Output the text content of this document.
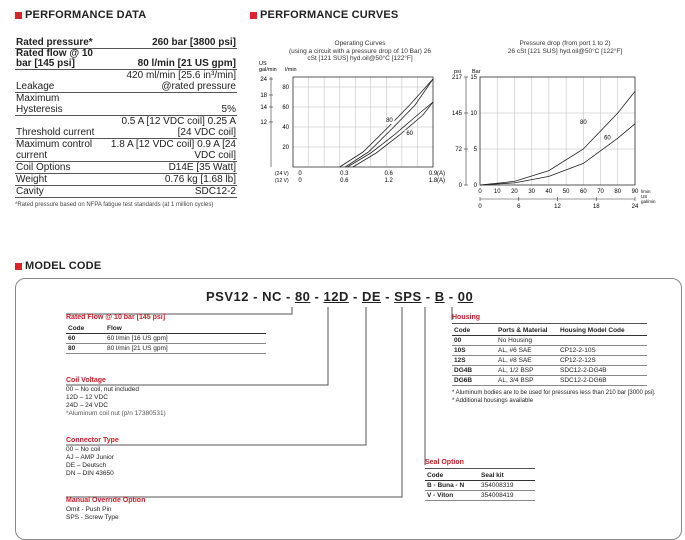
PERFORMANCE DATA
Rated pressure*	260 bar [3800 psi]
Rated flow @ 10 bar [145 psi]	80 l/min [21 US gpm]
Leakage	420 ml/min [25.6 in³/min] @rated pressure
Maximum Hysteresis	5%
Threshold current	0.5 A [12 VDC coil] 0.25 A [24 VDC coil]
Maximum control current	1.8 A [12 VDC coil] 0.9 A [24 VDC coil]
Coil Options	D14E [35 Watt]
Weight	0.76 kg [1.68 lb]
Cavity	SDC12-2
*Rated pressure based on NFPA fatigue test standards (at 1 million cycles)
PERFORMANCE CURVES
Operating Curves
(using a circuit with a pressure drop of 10 Bar) 26 cSt [121 SUS] hyd.oil@50°C [122°F]
20
40
60
80
24
18
14
12
US
gal/min l/min
0	0.3	0.6	0.9
0	0.6	1.2	1.8
(24 V)
(12 V)
(A)
(A)
80
60
Pressure drop (from port 1 to 2)
26 cSt [121 SUS] hyd.oil@50°C [122°F]
0 10 20 30 40 50 60 70 80 90
0
5
10
15
0
72
145
217
psi Bar
0	6	12	18	24
l/min
US
gal/min
80
60
MODEL CODE
PSV12 - NC - 80 - 12D - DE - SPS - B - 00
Rated Flow @ 10 bar [145 psi]
Code	Flow
60	60 l/min [16 US gpm]
80	80 l/min [21 US gpm]
Coil Voltage
00 – No coil, nut included
12D – 12 VDC
24D – 24 VDC
*Aluminum coil nut (p/n 17380531)
Connector Type
00 – No coil
AJ – AMP Junior
DE – Deutsch
DN – DIN 43650
Manual Override Option
Omit - Push Pin
SPS - Screw Type
Housing
Code	Ports & Material	Housing Model Code
00	No Housing	
10S	AL, #6 SAE	CP12-2-10S
12S	AL, #8 SAE	CP12-2-12S
DG4B	AL, 1/2 BSP	SDC12-2-DG4B
DG6B	AL, 3/4 BSP	SDC12-2-DG6B
* Aluminum bodies are to be used for pressures less than 210 bar [3000 psi].
* Additional housings available
Seal Option
Code	Seal kit
B - Buna - N	354008319
V - Viton	354008419
